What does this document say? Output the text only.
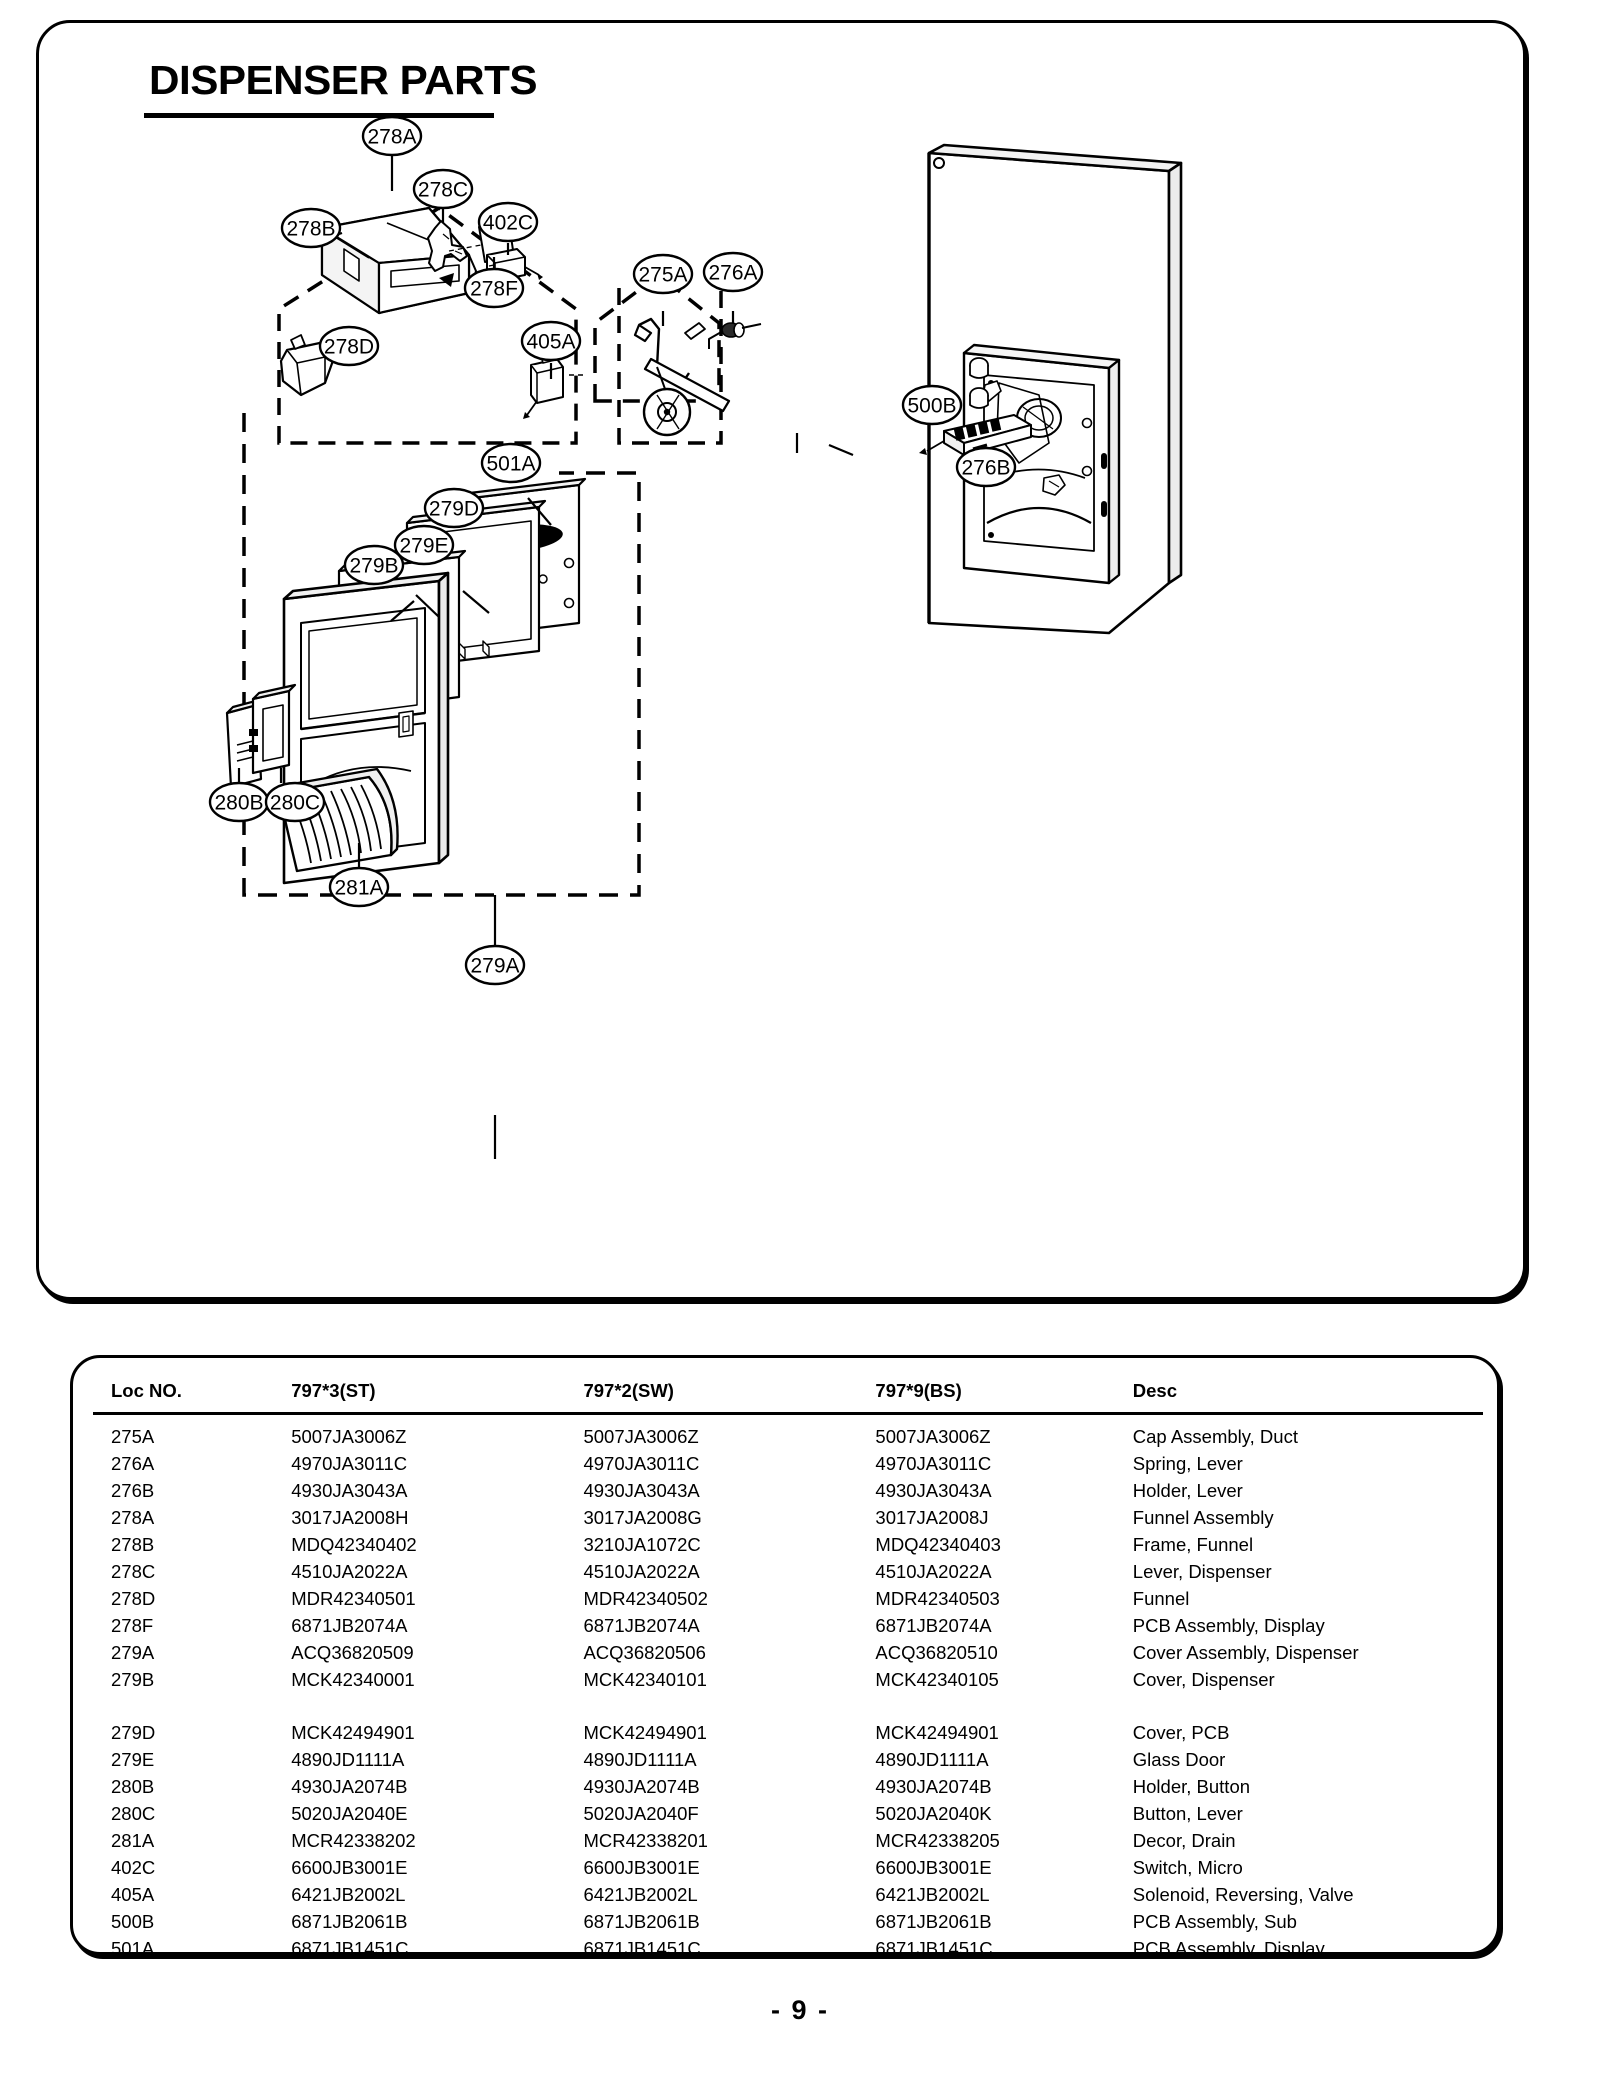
DISPENSER PARTS
278A
278B
278C
278D
278F
402C
405A
275A 276A
276B
500B
501A
279A
279B
279D
279E
280B 280C
281A
Loc NO.	797*3(ST)	797*2(SW)	797*9(BS)	Desc
275A	5007JA3006Z	5007JA3006Z	5007JA3006Z	Cap Assembly, Duct
276A	4970JA3011C	4970JA3011C	4970JA3011C	Spring, Lever
276B	4930JA3043A	4930JA3043A	4930JA3043A	Holder, Lever
278A	3017JA2008H	3017JA2008G	3017JA2008J	Funnel Assembly
278B	MDQ42340402	3210JA1072C	MDQ42340403	Frame, Funnel
278C	4510JA2022A	4510JA2022A	4510JA2022A	Lever, Dispenser
278D	MDR42340501	MDR42340502	MDR42340503	Funnel
278F	6871JB2074A	6871JB2074A	6871JB2074A	PCB Assembly, Display
279A	ACQ36820509	ACQ36820506	ACQ36820510	Cover Assembly, Dispenser
279B	MCK42340001	MCK42340101	MCK42340105	Cover, Dispenser

279D	MCK42494901	MCK42494901	MCK42494901	Cover, PCB
279E	4890JD1111A	4890JD1111A	4890JD1111A	Glass Door
280B	4930JA2074B	4930JA2074B	4930JA2074B	Holder, Button
280C	5020JA2040E	5020JA2040F	5020JA2040K	Button, Lever
281A	MCR42338202	MCR42338201	MCR42338205	Decor, Drain
402C	6600JB3001E	6600JB3001E	6600JB3001E	Switch, Micro
405A	6421JB2002L	6421JB2002L	6421JB2002L	Solenoid, Reversing, Valve
500B	6871JB2061B	6871JB2061B	6871JB2061B	PCB Assembly, Sub
501A	6871JB1451C	6871JB1451C	6871JB1451C	PCB Assembly, Display
- 9 -
